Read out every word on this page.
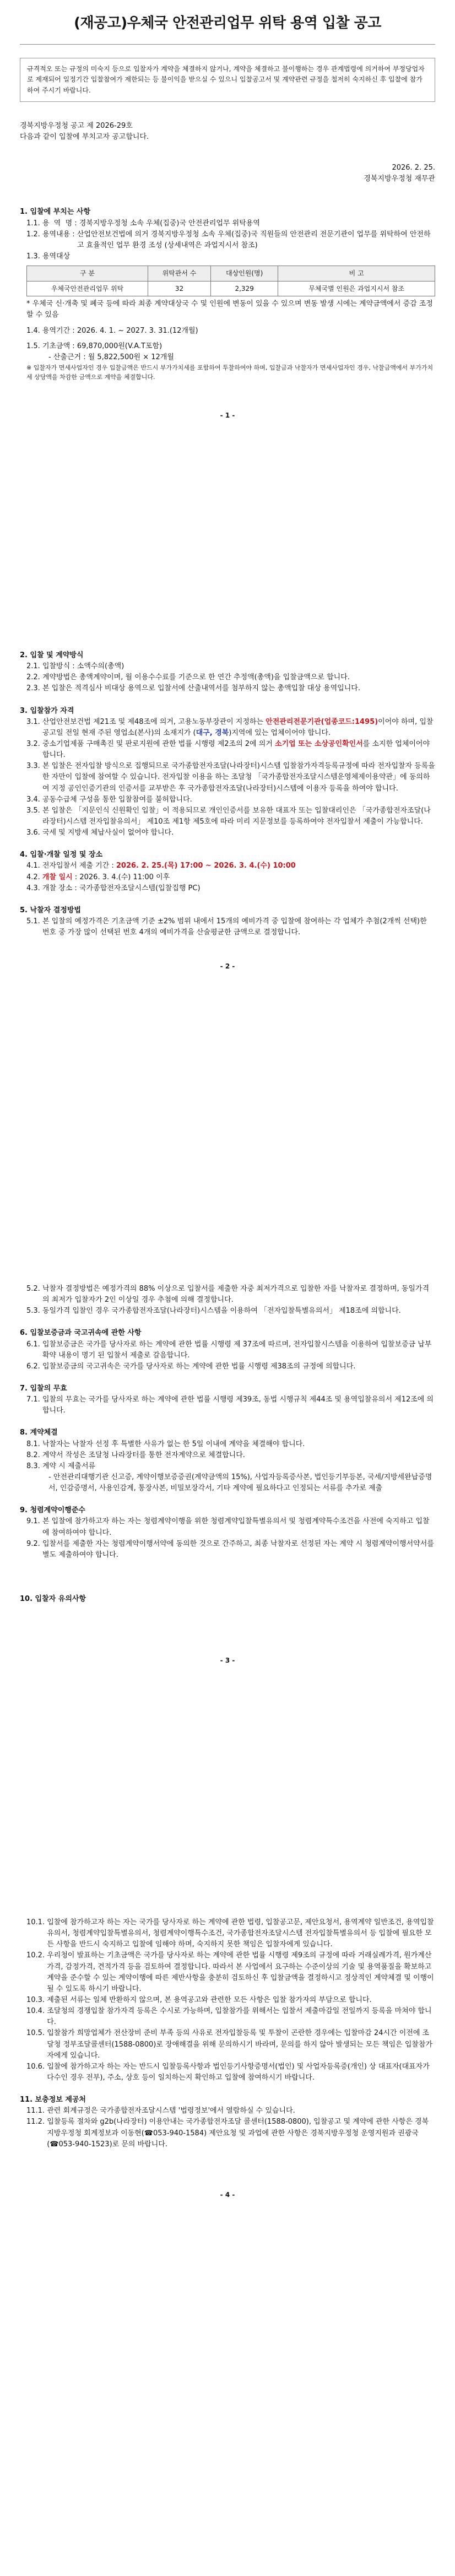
(재공고)우체국 안전관리업무 위탁 용역 입찰 공고
규격적오 또는 규정의 미숙지 등으로 입찰자가 계약을 체결하지 않거나, 계약을 체결하고 불이행하는 경우 관계법령에 의거하여 부정당업자로 제재되어 일정기간 입찰참여가 제한되는 등 불이익을 받으실 수 있으니 입찰공고서 및 계약관련 규정을 철저히 숙지하신 후 입찰에 참가하여 주시기 바랍니다.

경북지방우정청 공고 제 2026-29호

다음과 같이 입찰에 부치고자 공고합니다.

2026. 2. 25.

경북지방우정청 재무관

1. 입찰에 부치는 사항

1.1. 용  역  명 : 경북지방우정청 소속 우체(집중)국 안전관리업무 위탁용역
1.2. 용역내용 : 산업안전보건법에 의거 경북지방우정청 소속 우체(집중)국 직원들의 안전관리 전문기관이 업무를 위탁하여 안전하고 효율적인 업무 환경 조성 (상세내역은 과업지시서 참조)

1.3. 용역대상

구 분	위탁관서 수	대상인원(명)	비 고
우체국안전관리업무 위탁	32	2,329	무체국별 인원은 과업지시서 참조

* 우체국 신·개축 및 폐국 등에 따라 최종 계약대상국 수 및 인원에 변동이 있을 수 있으며 변동 발생 시에는 계약금액에서 증감 조정할 수 있음

1.4. 용역기간 : 2026. 4. 1. ~ 2027. 3. 31.(12개월)

1.5. 기초금액 : 69,870,000원(V.A.T포함)

- 산출근거 : 월 5,822,500원 × 12개월

※ 입찰자가 면세사업자인 경우 입찰금액은 반드시 부가가치세를 포함하여 투찰하여야 하며, 입찰금과 낙찰자가 면세사업자인 경우, 낙찰금액에서 부가가치세 상당액을 차감한 금액으로 계약을 체결합니다.

- 1 -

2. 입찰 및 계약방식

2.1. 입찰방식 : 소액수의(총액)

2.2. 계약방법은 총액계약이며, 월 이용수수료를 기준으로 한 연간 추정액(총액)을 입찰금액으로 합니다.
2.3. 본 입찰은 적격심사 비대상 용역으로 입찰서에 산출내역서를 첨부하지 않는 총액입찰 대상 용역입니다.

3. 입찰참가 자격

3.1. 산업안전보건법 제21조 및 제48조에 의거, 고용노동부장관이 지정하는 안전관리전문기관(업종코드:1495)이어야 하며, 입찰공고일 전일 현재 주된 영업소(본사)의 소재지가 (대구, 경북)지역에 있는 업체이어야 합니다.
3.2. 중소기업제품 구매촉진 및 판로지원에 관한 법률 시행령 제2조의 2에 의거 소기업 또는 소상공인확인서를 소지한 업체이어야 합니다.
3.3. 본 입찰은 전자입찰 방식으로 집행되므로 국가종합전자조달(나라장터)시스템 입찰참가자격등록규정에 따라 전자입찰자 등록을 한 자만이 입찰에 참여할 수 있습니다. 전자입찰 이용을 하는 조달청 「국가종합전자조달시스템운영체제이용약관」에 동의하여 지정 공인인증기관의 인증서를 교부받은 후 국가종합전자조달(나라장터)시스템에 이용자 등록을 하여야 합니다.
3.4. 공동수급체 구성을 통한 입찰참여를 불허합니다.
3.5. 본 입찰은 「지문인식 신원확인 입찰」이 적용되므로 개인인증서를 보유한 대표자 또는 입찰대리인은 「국가종합전자조달(나라장터)시스템 전자입찰유의서」 제10조 제1항 제5호에 따라 미리 지문정보를 등록하여야 전자입찰서 제출이 가능합니다.

3.6. 국세 및 지방세 체납사실이 없어야 합니다.

4. 입찰·개찰 일정 및 장소

4.1. 전자입찰서 제출 기간 : 2026. 2. 25.(목) 17:00 ~ 2026. 3. 4.(수) 10:00

4.2. 개찰 일시 : 2026. 3. 4.(수) 11:00 이후

4.3. 개찰 장소 : 국가종합전자조달시스템(입찰집행 PC)

5. 낙찰자 결정방법

5.1. 본 입찰의 예정가격은 기초금액 기준 ±2% 범위 내에서 15개의 예비가격 중 입찰에 참여하는 각 업체가 추첨(2개씩 선택)한 번호 중 가장 많이 선택된 번호 4개의 예비가격을 산술평균한 금액으로 결정합니다.

- 2 -

5.2. 낙찰자 결정방법은 예정가격의 88% 이상으로 입찰서를 제출한 자중 최저가격으로 입찰한 자를 낙찰자로 결정하며, 동일가격의 최저가 입찰자가 2인 이상일 경우 추첨에 의해 결정합니다.
5.3. 동일가격 입찰인 경우 국가종합전자조달(나라장터)시스템을 이용하여 「전자입찰특별유의서」 제18조에 의합니다.

6. 입찰보증금과 국고귀속에 관한 사항

6.1. 입찰보증금은 국가를 당사자로 하는 계약에 관한 법률 시행령 제 37조에 따르며, 전자입찰시스템을 이용하여 입찰보증금 납부확약 내용이 명기 된 입찰서 제출로 갈음합니다.
6.2. 입찰보증금의 국고귀속은 국가를 당사자로 하는 계약에 관한 법률 시행령 제38조의 규정에 의합니다.

7. 입찰의 무효

7.1. 입찰의 무효는 국가를 당사자로 하는 계약에 관한 법률 시행령 제39조, 동법 시행규칙 제44조 및 용역입찰유의서 제12조에 의합니다.

8. 계약체결

8.1. 낙찰자는 낙찰자 선정 후 특별한 사유가 없는 한 5일 이내에 계약을 체결해야 합니다.

8.2. 계약서 작성은 조달청 나라장터를 통한 전자계약으로 체결합니다.

8.3. 계약 시 제출서류

- 안전관리대행기관 신고증, 계약이행보증증권(계약금액의 15%), 사업자등록증사본, 법인등기부등본, 국세/지방세완납증명서, 인감증명서, 사용인감계, 통장사본, 비밀보장각서, 기타 계약에 필요하다고 인정되는 서류를 추가로 제출

9. 청렴계약이행준수

9.1. 본 입찰에 참가하고자 하는 자는 청렴계약이행을 위한 청렴계약입찰특별유의서 및 청렴계약특수조건을 사전에 숙지하고 입찰에 참여하여야 합니다.
9.2. 입찰서를 제출한 자는 청렴계약이행서약에 동의한 것으로 간주하고, 최종 낙찰자로 선정된 자는 계약 시 청렴계약이행서약서를 별도 제출하여야 합니다.

10. 입찰자 유의사항

- 3 -

10.1. 입찰에 참가하고자 하는 자는 국가를 당사자로 하는 계약에 관한 법령, 입찰공고문, 제안요청서, 용역계약 일반조건, 용역입찰유의서, 청렴계약입찰특별유의서, 청렴계약이행특수조건, 국가종합전자조달시스템 전자입찰특별유의서 등 입찰에 필요한 모든 사항을 반드시 숙지하고 입찰에 임해야 하며, 숙지하지 못한 책임은 입찰자에게 있습니다.
10.2. 우리청이 발표하는 기초금액은 국가를 당사자로 하는 계약에 관한 법률 시행령 제9조의 규정에 따라 거래실례가격, 원가계산가격, 감정가격, 견적가격 등을 검토하여 결정합니다. 따라서 본 사업에서 요구하는 수준이상의 기술 및 용역품질을 확보하고 계약을 준수할 수 있는 계약이행에 따른 제반사항을 충분히 검토하신 후 입찰금액을 결정하시고 정상적인 계약체결 및 이행이 될 수 있도록 하시기 바랍니다.
10.3. 제출된 서류는 일체 반환하지 않으며, 본 용역공고와 관련한 모든 사항은 입찰 참가자의 부담으로 합니다.
10.4. 조달청의 경쟁입찰 참가자격 등록은 수시로 가능하며, 입찰참가를 위해서는 입찰서 제출마감일 전일까지 등록을 마쳐야 합니다.
10.5. 입찰참가 희망업체가 전산장비 준비 부족 등의 사유로 전자입찰등록 및 투찰이 곤란한 경우에는 입찰마감 24시간 이전에 조달청 정부조달콜센터(1588-0800)로 장애해결을 위해 문의하시기 바라며, 문의를 하지 않아 발생되는 모든 책임은 입찰참가자에게 있습니다.
10.6. 입찰에 참가하고자 하는 자는 반드시 입찰등록사항과 법인등기사항증명서(법인) 및 사업자등록증(개인) 상 대표자(대표자가 다수인 경우 전부), 주소, 상호 등이 일치하는지 확인하고 입찰에 참여하시기 바랍니다.

11. 보충정보 제공처

11.1. 관련 회계규정은 국가종합전자조달시스템 '법령정보'에서 열람하실 수 있습니다.
11.2. 입찰등록 절차와 g2b(나라장터) 이용안내는 국가종합전자조달 콜센터(1588-0800), 입찰공고 및 계약에 관한 사항은 경북지방우정청 회계정보과 이동현(☎053-940-1584) 제안요청 및 과업에 관한 사항은 경북지방우정청 운영지원과 권광국(☎053-940-1523)로 문의 바랍니다.

- 4 -
